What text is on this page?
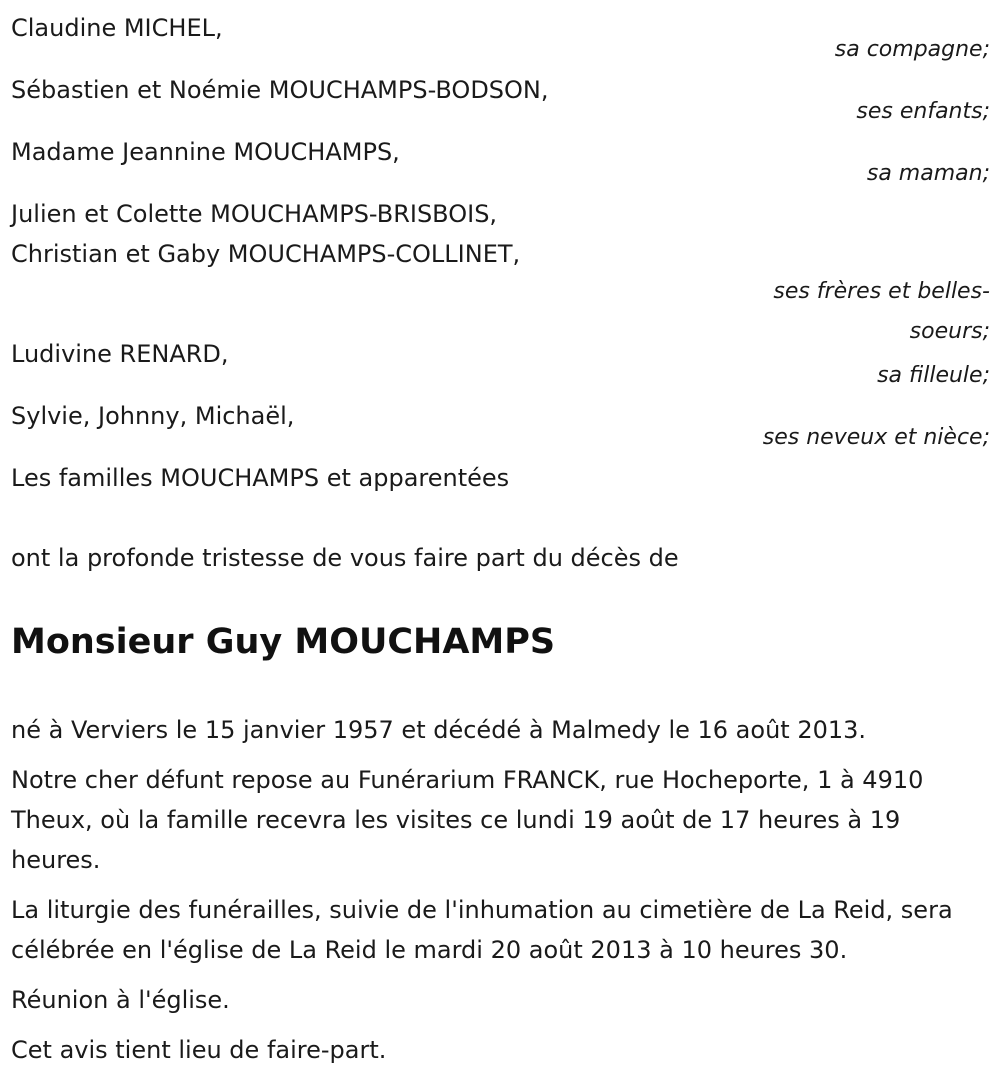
Claudine MICHEL,
sa compagne;
Sébastien et Noémie MOUCHAMPS-BODSON,
ses enfants;
Madame Jeannine MOUCHAMPS,
sa maman;
Julien et Colette MOUCHAMPS-BRISBOIS,
Christian et Gaby MOUCHAMPS-COLLINET,
ses frères et belles-
soeurs;
Ludivine RENARD,
sa filleule;
Sylvie, Johnny, Michaël,
ses neveux et nièce;
Les familles MOUCHAMPS et apparentées
ont la profonde tristesse de vous faire part du décès de
Monsieur Guy MOUCHAMPS

né à Verviers le 15 janvier 1957 et décédé à Malmedy le 16 août 2013.

Notre cher défunt repose au Funérarium FRANCK, rue Hocheporte, 1 à 4910 Theux, où la famille recevra les visites ce lundi 19 août de 17 heures à 19 heures.

La liturgie des funérailles, suivie de l'inhumation au cimetière de La Reid, sera célébrée en l'église de La Reid le mardi 20 août 2013 à 10 heures 30.

Réunion à l'église.

Cet avis tient lieu de faire-part.
